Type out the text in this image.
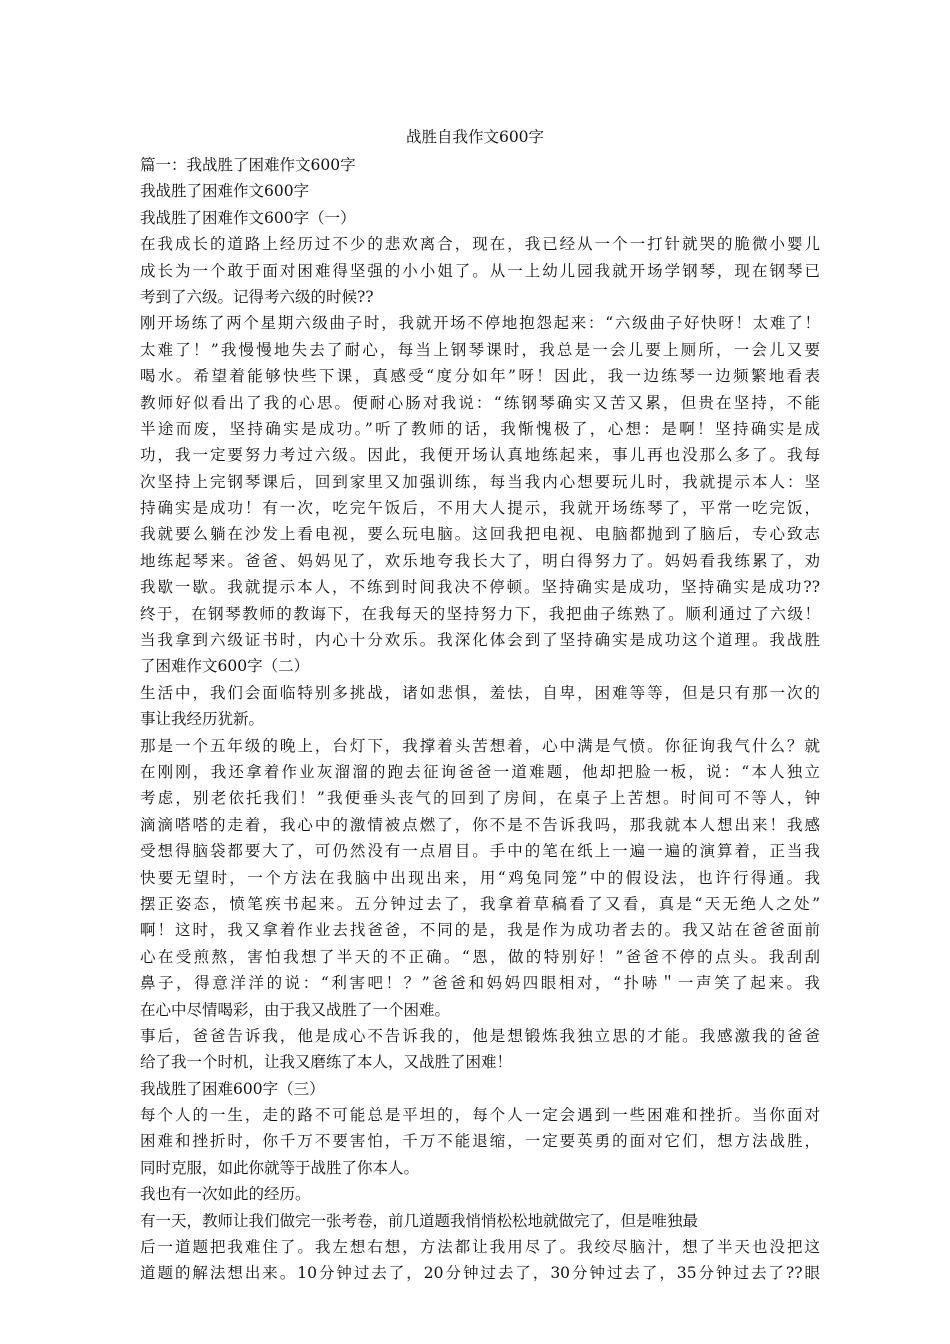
战胜自我作文600字

篇一：我战胜了困难作文600字

我战胜了困难作文600字

我战胜了困难作文600字（一）

在我成长的道路上经历过不少的悲欢离合，现在，我已经从一个一打针就哭的脆微小婴儿

成长为一个敢于面对困难得坚强的小小姐了。从一上幼儿园我就开场学钢琴，现在钢琴已

考到了六级。记得考六级的时候??

刚开场练了两个星期六级曲子时，我就开场不停地抱怨起来：“六级曲子好快呀！太难了！

太难了！”我慢慢地失去了耐心，每当上钢琴课时，我总是一会儿要上厕所，一会儿又要

喝水。希望着能够快些下课，真感受“度分如年”呀！因此，我一边练琴一边频繁地看表

教师好似看出了我的心思。便耐心肠对我说：“练钢琴确实又苦又累，但贵在坚持，不能

半途而废，坚持确实是成功。”听了教师的话，我惭愧极了，心想：是啊！坚持确实是成

功，我一定要努力考过六级。因此，我便开场认真地练起来，事儿再也没那么多了。我每

次坚持上完钢琴课后，回到家里又加强训练，每当我内心想要玩儿时，我就提示本人：坚

持确实是成功！有一次，吃完午饭后，不用大人提示，我就开场练琴了，平常一吃完饭，

我就要么躺在沙发上看电视，要么玩电脑。这回我把电视、电脑都抛到了脑后，专心致志

地练起琴来。爸爸、妈妈见了，欢乐地夸我长大了，明白得努力了。妈妈看我练累了，劝

我歇一歇。我就提示本人，不练到时间我决不停顿。坚持确实是成功，坚持确实是成功??

终于，在钢琴教师的教诲下，在我每天的坚持努力下，我把曲子练熟了。顺利通过了六级！

当我拿到六级证书时，内心十分欢乐。我深化体会到了坚持确实是成功这个道理。我战胜

了困难作文600字（二）

生活中，我们会面临特别多挑战，诸如悲惧，羞怯，自卑，困难等等，但是只有那一次的

事让我经历犹新。

那是一个五年级的晚上，台灯下，我撑着头苦想着，心中满是气愤。你征询我气什么？就

在刚刚，我还拿着作业灰溜溜的跑去征询爸爸一道难题，他却把脸一板，说：“本人独立

考虑，别老依托我们！”我便垂头丧气的回到了房间，在桌子上苦想。时间可不等人，钟

滴滴嗒嗒的走着，我心中的激情被点燃了，你不是不告诉我吗，那我就本人想出来！我感

受想得脑袋都要大了，可仍然没有一点眉目。手中的笔在纸上一遍一遍的演算着，正当我

快要无望时，一个方法在我脑中出现出来，用“鸡兔同笼”中的假设法，也许行得通。我

摆正姿态，愤笔疾书起来。五分钟过去了，我拿着草稿看了又看，真是“天无绝人之处”

啊！这时，我又拿着作业去找爸爸，不同的是，我是作为成功者去的。我又站在爸爸面前

心在受煎熬，害怕我想了半天的不正确。“恩，做的特别好！”爸爸不停的点头。我刮刮

鼻子，得意洋洋的说：“利害吧！？”爸爸和妈妈四眼相对，“扑哧＂一声笑了起来。我

在心中尽情喝彩，由于我又战胜了一个困难。

事后，爸爸告诉我，他是成心不告诉我的，他是想锻炼我独立思的才能。我感激我的爸爸

给了我一个时机，让我又磨练了本人，又战胜了困难！

我战胜了困难600字（三）

每个人的一生，走的路不可能总是平坦的，每个人一定会遇到一些困难和挫折。当你面对

困难和挫折时，你千万不要害怕，千万不能退缩，一定要英勇的面对它们，想方法战胜，

同时克服，如此你就等于战胜了你本人。

我也有一次如此的经历。

有一天，教师让我们做完一张考卷，前几道题我悄悄松松地就做完了，但是唯独最

后一道题把我难住了。我左想右想，方法都让我用尽了。我绞尽脑汁，想了半天也没把这

道题的解法想出来。10分钟过去了，20分钟过去了，30分钟过去了，35分钟过去了??眼
